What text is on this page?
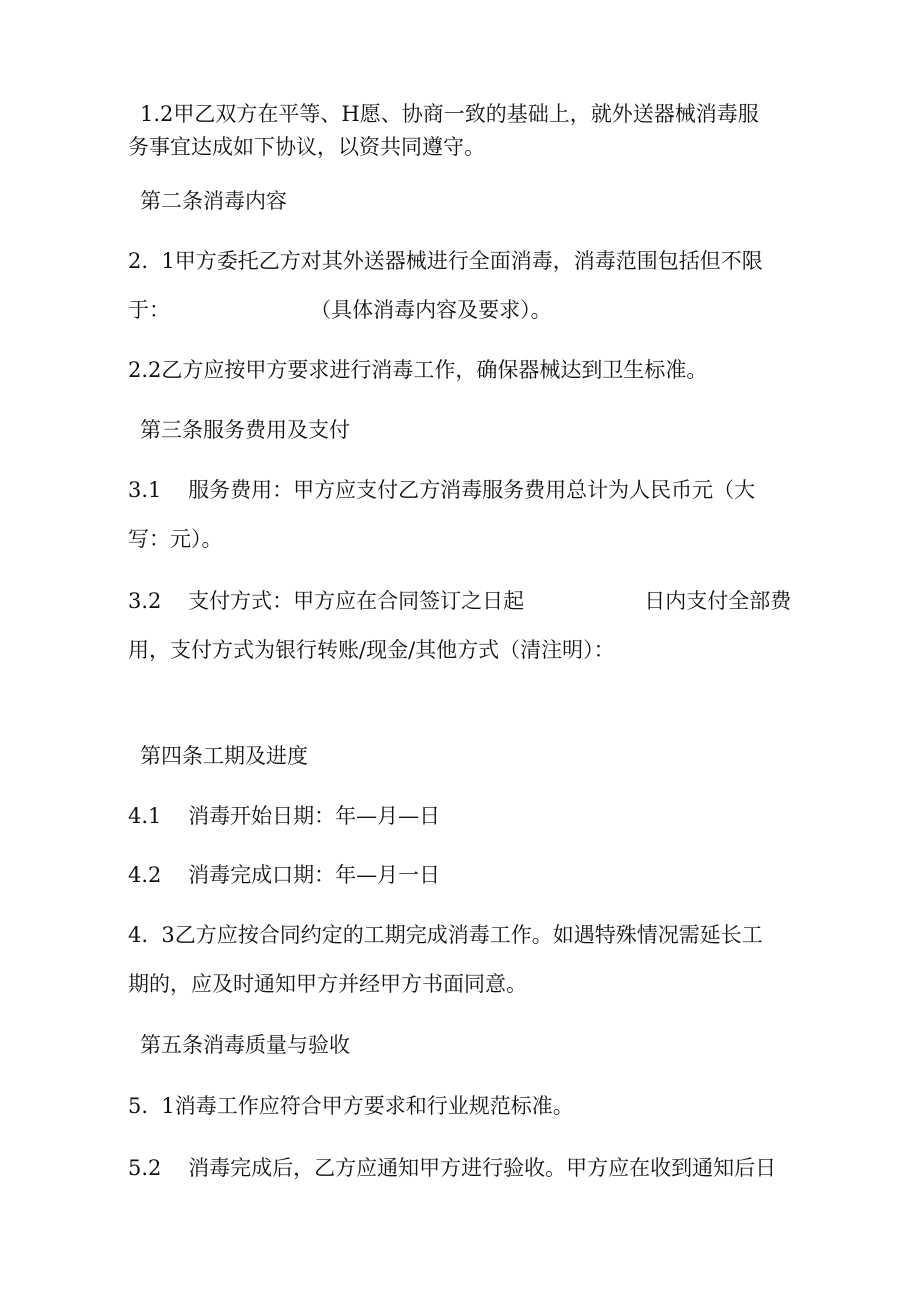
1.2甲乙双方在平等、H愿、协商一致的基础上，就外送器械消毒服

务事宜达成如下协议，以资共同遵守。

第二条消毒内容

2.  1甲方委托乙方对其外送器械进行全面消毒，消毒范围包括但不限

于：                     （具体消毒内容及要求）。

2.2乙方应按甲方要求进行消毒工作，确保器械达到卫生标准。

第三条服务费用及支付

3.1    服务费用：甲方应支付乙方消毒服务费用总计为人民币元（大

写：元）。

3.2    支付方式：甲方应在合同签订之日起                  日内支付全部费

用，支付方式为银行转账/现金/其他方式（清注明）：

第四条工期及进度

4.1    消毒开始日期：年—月—日

4.2    消毒完成口期：年—月一日

4.  3乙方应按合同约定的工期完成消毒工作。如遇特殊情况需延长工

期的，应及时通知甲方并经甲方书面同意。

第五条消毒质量与验收

5.  1消毒工作应符合甲方要求和行业规范标准。

5.2    消毒完成后，乙方应通知甲方进行验收。甲方应在收到通知后日
